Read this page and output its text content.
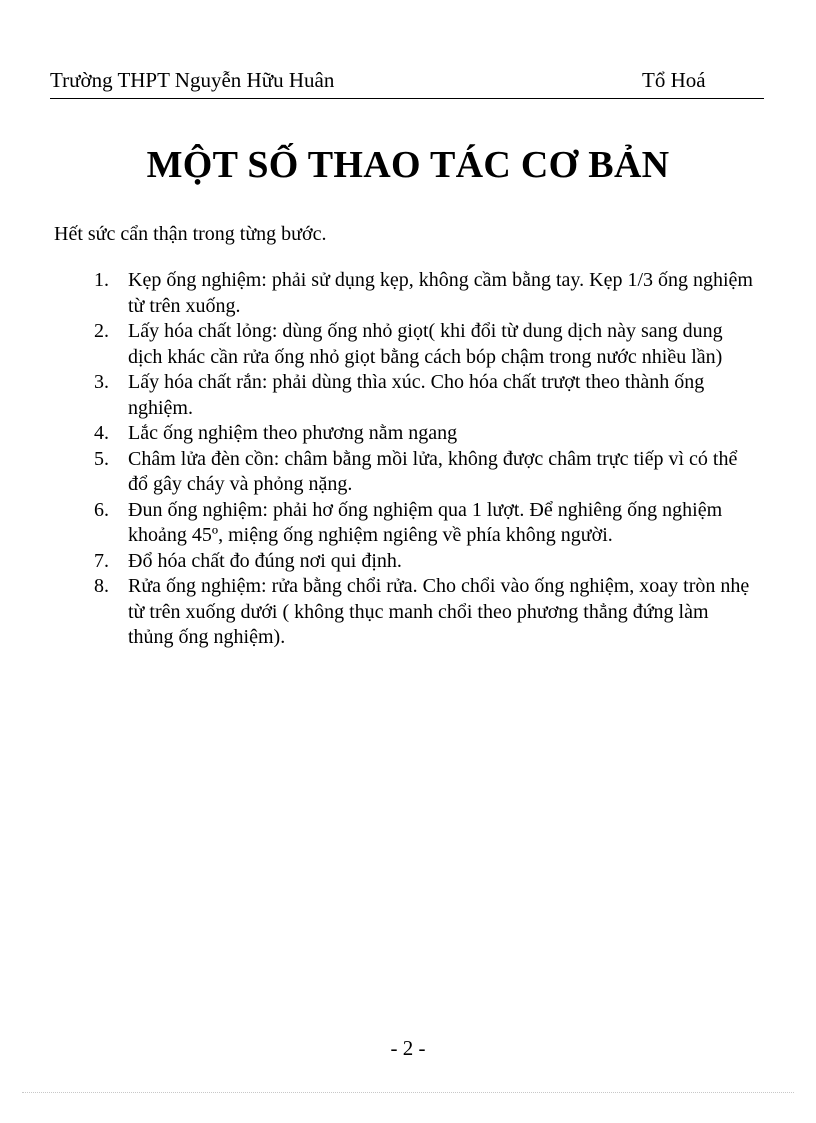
Trường THPT Nguyễn Hữu Huân	Tổ Hoá
MỘT SỐ THAO TÁC CƠ BẢN
Hết sức cẩn thận trong từng bước.
1. Kẹp ống nghiệm: phải sử dụng kẹp, không cầm bằng tay. Kẹp 1/3 ống nghiệm từ trên xuống.
2. Lấy hóa chất lỏng: dùng ống nhỏ giọt( khi đổi từ dung dịch này sang dung dịch khác cần rửa ống nhỏ giọt bằng cách bóp chậm trong nước nhiều lần)
3. Lấy hóa chất rắn: phải dùng thìa xúc. Cho hóa chất trượt theo thành ống nghiệm.
4. Lắc ống nghiệm theo phương nằm ngang
5. Châm lửa đèn cồn: châm bằng mồi lửa, không được châm trực tiếp vì có thể đổ gây cháy và phỏng nặng.
6. Đun ống nghiệm: phải hơ ống nghiệm qua 1 lượt. Để nghiêng ống nghiệm khoảng 45º, miệng ống nghiệm ngiêng về phía không người.
7. Đổ hóa chất đo đúng nơi qui định.
8. Rửa ống nghiệm: rửa bằng chổi rửa. Cho chổi vào ống nghiệm, xoay tròn nhẹ từ trên xuống dưới ( không thục manh chổi theo phương thẳng đứng làm thủng ống nghiệm).
- 2 -
